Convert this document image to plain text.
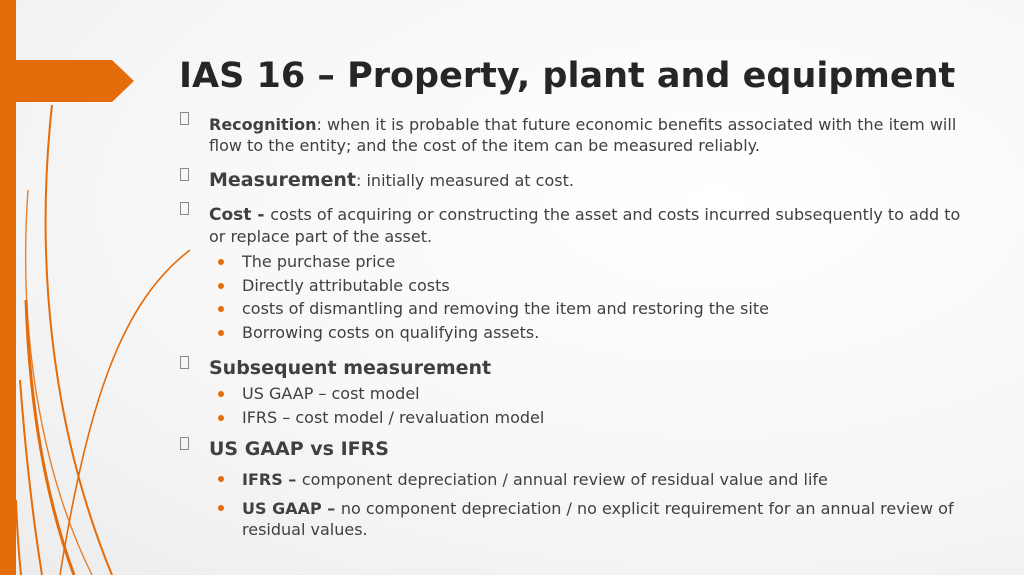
IAS 16 – Property, plant and equipment
Recognition: when it is probable that future economic benefits associated with the item will flow to the entity; and the cost of the item can be measured reliably.
Measurement: initially measured at cost.
Cost - costs of acquiring or constructing the asset and costs incurred subsequently to add to or replace part of the asset.
The purchase price
Directly attributable costs
costs of dismantling and removing the item and restoring the site
Borrowing costs on qualifying assets.
Subsequent measurement
US GAAP – cost model
IFRS – cost model / revaluation model
US GAAP vs IFRS
IFRS – component depreciation / annual review of residual value and life
US GAAP – no component depreciation / no explicit requirement for an annual review of residual values.
